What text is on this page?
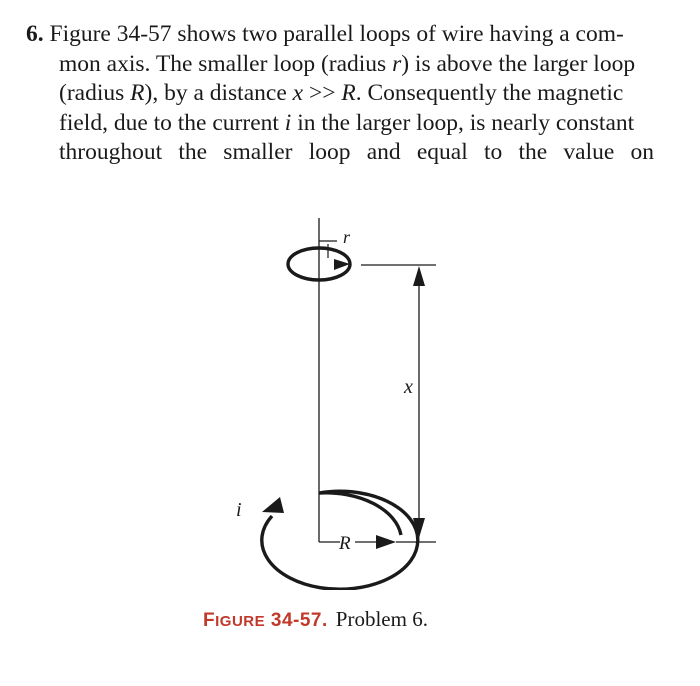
6. Figure 34-57 shows two parallel loops of wire having a com-
mon axis. The smaller loop (radius r) is above the larger loop
(radius R), by a distance x >> R. Consequently the magnetic
field, due to the current i in the larger loop, is nearly constant
throughout the smaller loop and equal to the value on
r
x
i
R
FIGURE 34-57. Problem 6.
